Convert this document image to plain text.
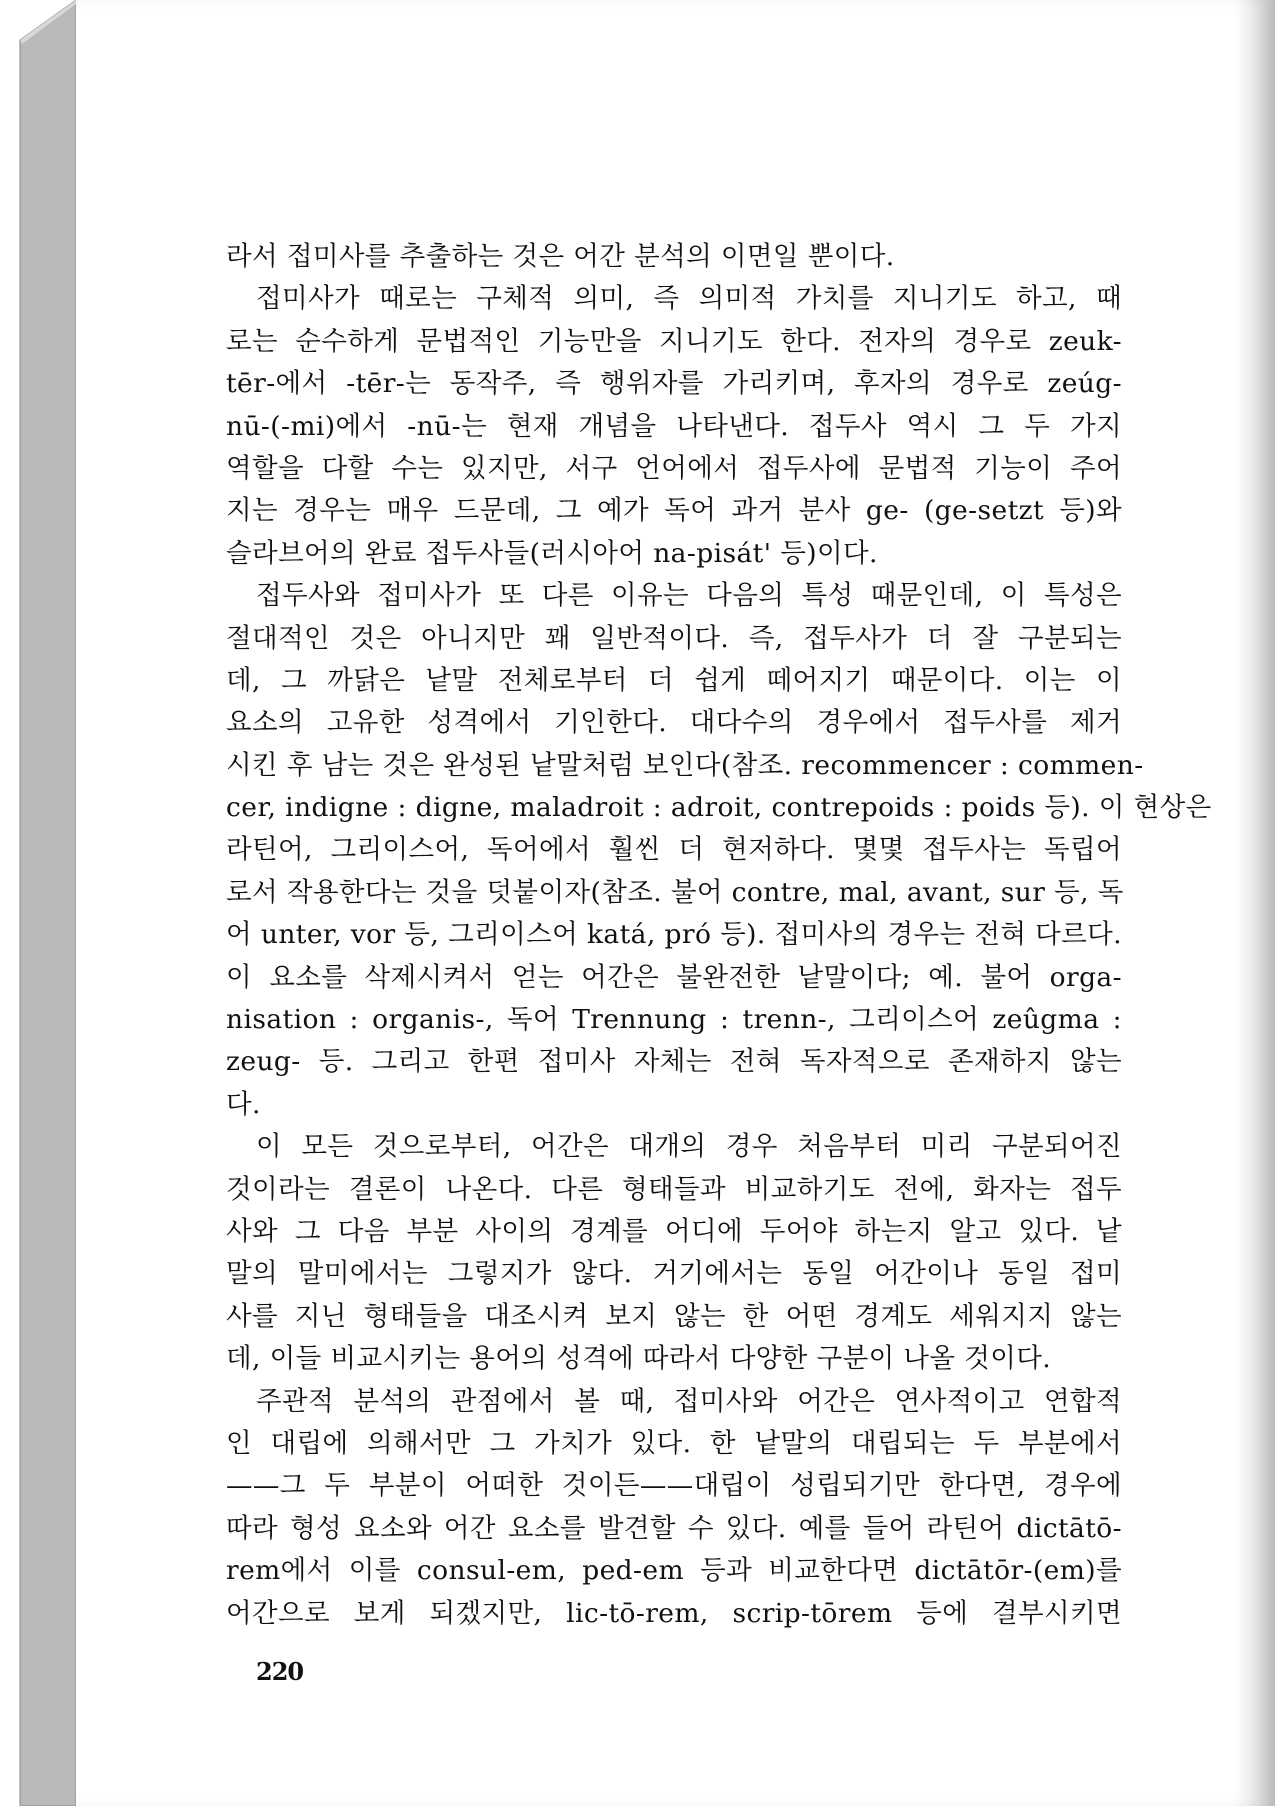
라서 접미사를 추출하는 것은 어간 분석의 이면일 뿐이다.
접미사가 때로는 구체적 의미, 즉 의미적 가치를 지니기도 하고, 때
로는 순수하게 문법적인 기능만을 지니기도 한다. 전자의 경우로 zeuk-
tēr-에서 -tēr-는 동작주, 즉 행위자를 가리키며, 후자의 경우로 zeúg-
nū-(-mi)에서 -nū-는 현재 개념을 나타낸다. 접두사 역시 그 두 가지
역할을 다할 수는 있지만, 서구 언어에서 접두사에 문법적 기능이 주어
지는 경우는 매우 드문데, 그 예가 독어 과거 분사 ge- (ge-setzt 등)와
슬라브어의 완료 접두사들(러시아어 na-pisát' 등)이다.
접두사와 접미사가 또 다른 이유는 다음의 특성 때문인데, 이 특성은
절대적인 것은 아니지만 꽤 일반적이다. 즉, 접두사가 더 잘 구분되는
데, 그 까닭은 낱말 전체로부터 더 쉽게 떼어지기 때문이다. 이는 이
요소의 고유한 성격에서 기인한다. 대다수의 경우에서 접두사를 제거
시킨 후 남는 것은 완성된 낱말처럼 보인다(참조. recommencer : commen-
cer, indigne : digne, maladroit : adroit, contrepoids : poids 등). 이 현상은
라틴어, 그리이스어, 독어에서 훨씬 더 현저하다. 몇몇 접두사는 독립어
로서 작용한다는 것을 덧붙이자(참조. 불어 contre, mal, avant, sur 등, 독
어 unter, vor 등, 그리이스어 katá, pró 등). 접미사의 경우는 전혀 다르다.
이 요소를 삭제시켜서 얻는 어간은 불완전한 낱말이다; 예. 불어 orga-
nisation : organis-, 독어 Trennung : trenn-, 그리이스어 zeûgma :
zeug- 등. 그리고 한편 접미사 자체는 전혀 독자적으로 존재하지 않는
다.
이 모든 것으로부터, 어간은 대개의 경우 처음부터 미리 구분되어진
것이라는 결론이 나온다. 다른 형태들과 비교하기도 전에, 화자는 접두
사와 그 다음 부분 사이의 경계를 어디에 두어야 하는지 알고 있다. 낱
말의 말미에서는 그렇지가 않다. 거기에서는 동일 어간이나 동일 접미
사를 지닌 형태들을 대조시켜 보지 않는 한 어떤 경계도 세워지지 않는
데, 이들 비교시키는 용어의 성격에 따라서 다양한 구분이 나올 것이다.
주관적 분석의 관점에서 볼 때, 접미사와 어간은 연사적이고 연합적
인 대립에 의해서만 그 가치가 있다. 한 낱말의 대립되는 두 부분에서
——그 두 부분이 어떠한 것이든——대립이 성립되기만 한다면, 경우에
따라 형성 요소와 어간 요소를 발견할 수 있다. 예를 들어 라틴어 dictātō-
rem에서 이를 consul-em, ped-em 등과 비교한다면 dictātōr-(em)를
어간으로 보게 되겠지만, lic-tō-rem, scrip-tōrem 등에 결부시키면
220
